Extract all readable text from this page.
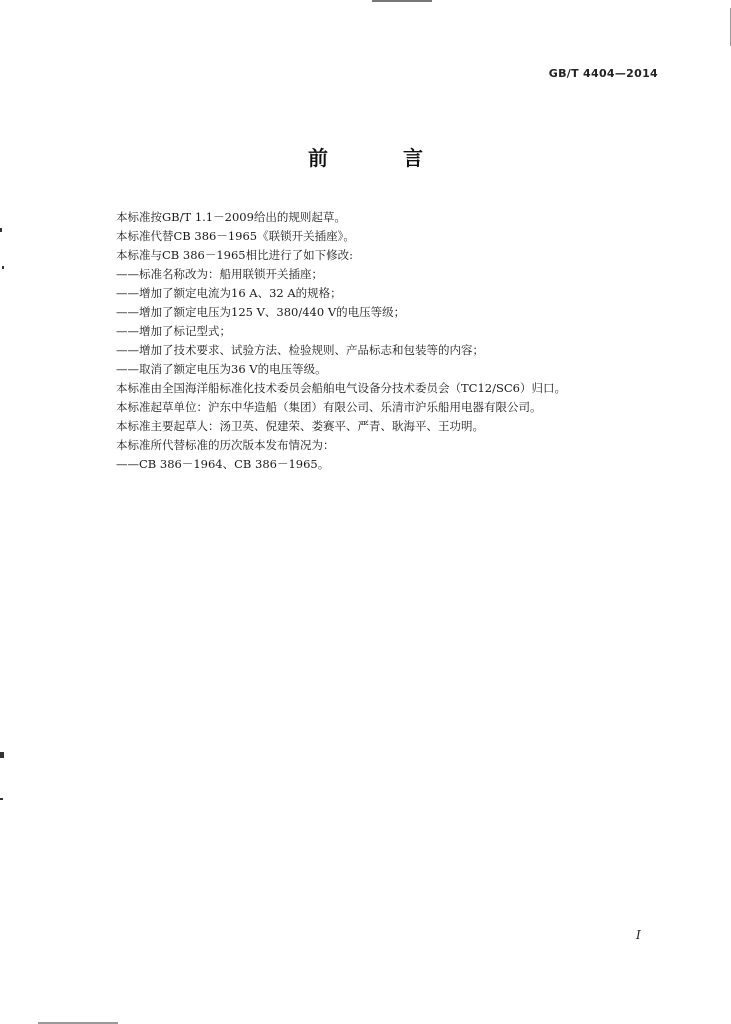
GB/T 4404—2014
前 言
本标准按GB/T 1.1－2009给出的规则起草。
本标准代替CB 386－1965《联锁开关插座》。
本标准与CB 386－1965相比进行了如下修改:
——标准名称改为：船用联锁开关插座；
——增加了额定电流为16 A、32 A的规格；
——增加了额定电压为125 V、380/440 V的电压等级；
——增加了标记型式；
——增加了技术要求、试验方法、检验规则、产品标志和包装等的内容；
——取消了额定电压为36 V的电压等级。
本标准由全国海洋船标准化技术委员会船舶电气设备分技术委员会（TC12/SC6）归口。
本标准起草单位：沪东中华造船（集团）有限公司、乐清市沪乐船用电器有限公司。
本标准主要起草人：汤卫英、倪建荣、娄赛平、严青、耿海平、王功明。
本标准所代替标准的历次版本发布情况为：
——CB 386－1964、CB 386－1965。
I
